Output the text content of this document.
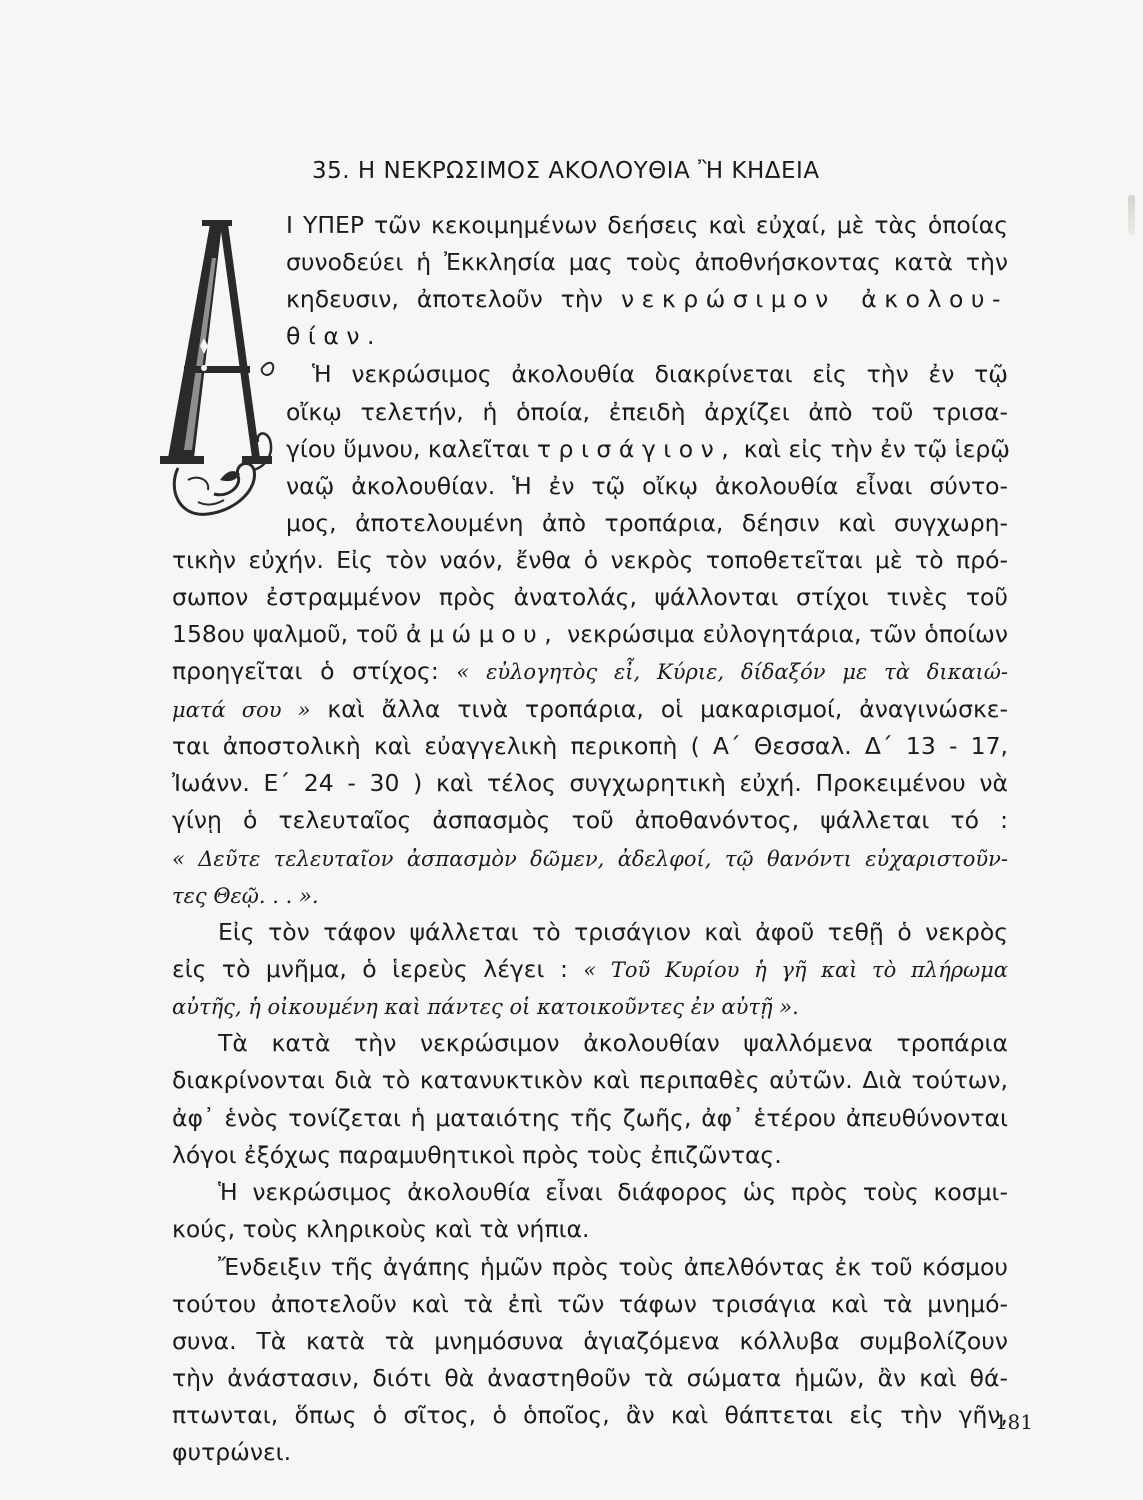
35. Η ΝΕΚΡΩΣΙΜΟΣ ΑΚΟΛΟΥΘΙΑ Ἢ ΚΗΔΕΙΑ
Ι ΥΠΕΡ τῶν κεκοιμημένων δεήσεις καὶ εὐχαί, μὲ τὰς ὁποίας
συνοδεύει ἡ Ἐκκλησία μας τοὺς ἀποθνήσκοντας κατὰ τὴν
κηδευσιν, ἀποτελοῦν τὴν νεκρώσιμον ἀκολου-
θίαν.
Ἡ νεκρώσιμος ἀκολουθία διακρίνεται εἰς τὴν ἐν τῷ
οἴκῳ τελετήν, ἡ ὁποία, ἐπειδὴ ἀρχίζει ἀπὸ τοῦ τρισα-
γίου ὕμνου, καλεῖται τρισάγιον, καὶ εἰς τὴν ἐν τῷ ἱερῷ
ναῷ ἀκολουθίαν. Ἡ ἐν τῷ οἴκῳ ἀκολουθία εἶναι σύντο-
μος, ἀποτελουμένη ἀπὸ τροπάρια, δέησιν καὶ συγχωρη-
τικὴν εὐχήν. Εἰς τὸν ναόν, ἔνθα ὁ νεκρὸς τοποθετεῖται μὲ τὸ πρό-
σωπον ἐστραμμένον πρὸς ἀνατολάς, ψάλλονται στίχοι τινὲς τοῦ
158ου ψαλμοῦ, τοῦ ἀμώμου, νεκρώσιμα εὐλογητάρια, τῶν ὁποίων
προηγεῖται ὁ στίχος: « εὐλογητὸς εἶ, Κύριε, δίδαξόν με τὰ δικαιώ-
ματά σου » καὶ ἄλλα τινὰ τροπάρια, οἱ μακαρισμοί, ἀναγινώσκε-
ται ἀποστολικὴ καὶ εὐαγγελικὴ περικοπὴ ( Α΄ Θεσσαλ. Δ΄ 13 - 17,
Ἰωάνν. Ε΄ 24 - 30 ) καὶ τέλος συγχωρητικὴ εὐχή. Προκειμένου νὰ
γίνῃ ὁ τελευταῖος ἀσπασμὸς τοῦ ἀποθανόντος, ψάλλεται τό :
« Δεῦτε τελευταῖον ἀσπασμὸν δῶμεν, ἀδελφοί, τῷ θανόντι εὐχαριστοῦν-
τες Θεῷ. . . ».
Εἰς τὸν τάφον ψάλλεται τὸ τρισάγιον καὶ ἀφοῦ τεθῇ ὁ νεκρὸς
εἰς τὸ μνῆμα, ὁ ἱερεὺς λέγει : « Τοῦ Κυρίου ἡ γῆ καὶ τὸ πλήρωμα
αὐτῆς, ἡ οἰκουμένη καὶ πάντες οἱ κατοικοῦντες ἐν αὐτῇ ».
Τὰ κατὰ τὴν νεκρώσιμον ἀκολουθίαν ψαλλόμενα τροπάρια
διακρίνονται διὰ τὸ κατανυκτικὸν καὶ περιπαθὲς αὐτῶν. Διὰ τούτων,
ἀφ᾽ ἑνὸς τονίζεται ἡ ματαιότης τῆς ζωῆς, ἀφ᾽ ἑτέρου ἀπευθύνονται
λόγοι ἐξόχως παραμυθητικοὶ πρὸς τοὺς ἐπιζῶντας.
Ἡ νεκρώσιμος ἀκολουθία εἶναι διάφορος ὡς πρὸς τοὺς κοσμι-
κούς, τοὺς κληρικοὺς καὶ τὰ νήπια.
Ἔνδειξιν τῆς ἀγάπης ἡμῶν πρὸς τοὺς ἀπελθόντας ἐκ τοῦ κόσμου
τούτου ἀποτελοῦν καὶ τὰ ἐπὶ τῶν τάφων τρισάγια καὶ τὰ μνημό-
συνα. Τὰ κατὰ τὰ μνημόσυνα ἁγιαζόμενα κόλλυβα συμβολίζουν
τὴν ἀνάστασιν, διότι θὰ ἀναστηθοῦν τὰ σώματα ἡμῶν, ἂν καὶ θά-
πτωνται, ὅπως ὁ σῖτος, ὁ ὁποῖος, ἂν καὶ θάπτεται εἰς τὴν γῆν,
φυτρώνει.
181
